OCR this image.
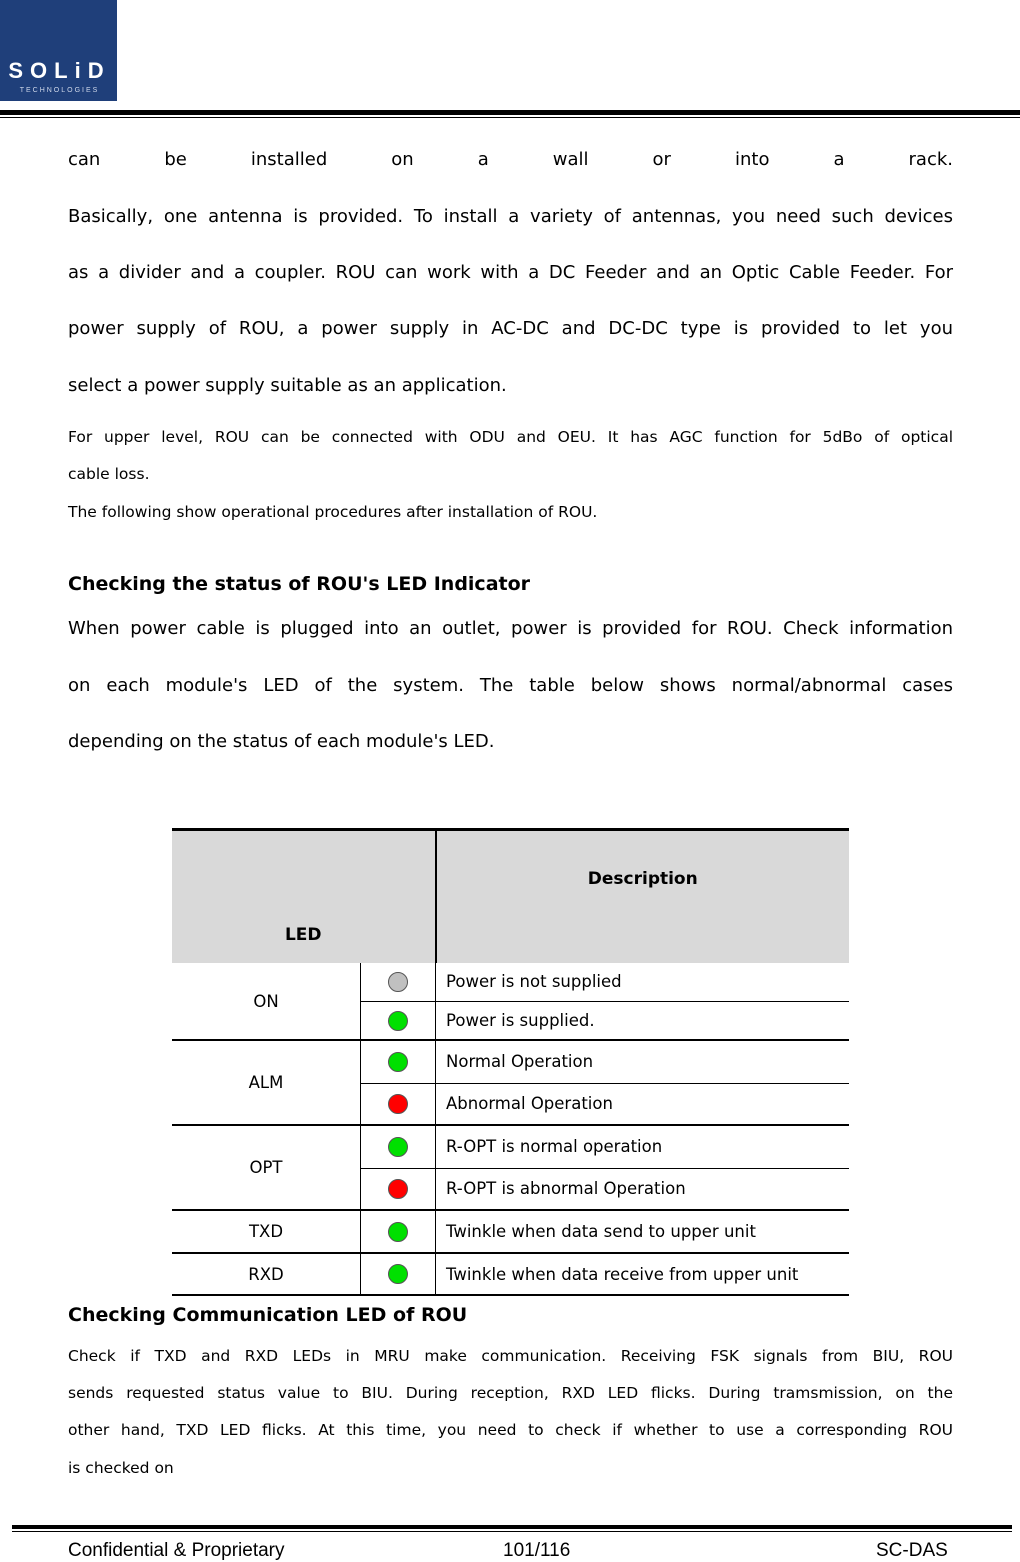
SOLiD
TECHNOLOGIES
can be installed on a wall or into a rack.
Basically, one antenna is provided. To install a variety of antennas, you need such devices
as a divider and a coupler. ROU can work with a DC Feeder and an Optic Cable Feeder. For
power supply of ROU, a power supply in AC-DC and DC-DC type is provided to let you
select a power supply suitable as an application.
For upper level, ROU can be connected with ODU and OEU. It has AGC function for 5dBo of optical
cable loss.
The following show operational procedures after installation of ROU.
Checking the status of ROU's LED Indicator
When power cable is plugged into an outlet, power is provided for ROU. Check information
on each module's LED of the system. The table below shows normal/abnormal cases
depending on the status of each module's LED.
LED		Description
ON		Power is not supplied
		Power is supplied.
ALM		Normal Operation
		Abnormal Operation
OPT		R-OPT is normal operation
		R-OPT is abnormal Operation
TXD		Twinkle when data send to upper unit
RXD		Twinkle when data receive from upper unit
Checking Communication LED of ROU
Check if TXD and RXD LEDs in MRU make communication. Receiving FSK signals from BIU, ROU
sends requested status value to BIU. During reception, RXD LED flicks. During tramsmission, on the
other hand, TXD LED flicks. At this time, you need to check if whether to use a corresponding ROU
is checked on
Confidential & Proprietary	101/116	SC-DAS
